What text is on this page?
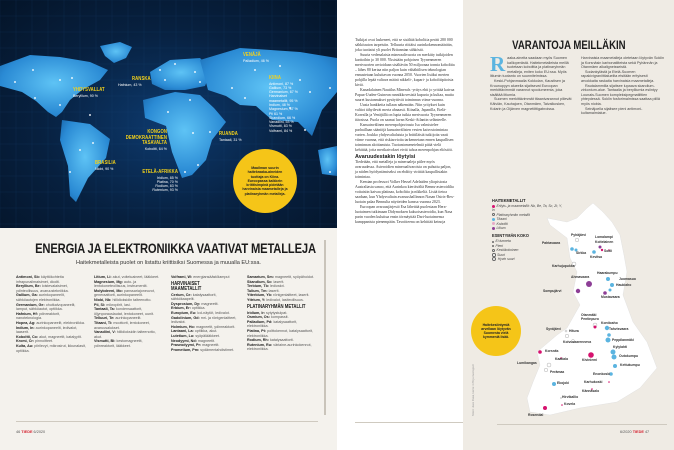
VENÄJÄ
Palladium, 46 %
KIINA
Antimoni, 87 %
Gallium, 73 %
Germanium, 67 %
Harvinaiset
maametallit, 95 %
Indium, 48 %
Magnesium, 87 %
Pii 61 %
Skandium, 66 %
Vanadiini, 53 %
Vismutti, 83 %
Volframi, 84 %
RANSKA
Hafnium, 43 %
YHDYSVALLAT
Beryllium, 90 %
KONGON DEMOKRAATTINEN TASAVALTA
Koboltti, 64 %
RUANDA
Tantaali, 31 %
BRASILIA
Niobi, 90 %
ETELÄ-AFRIKKA
Iridium, 85 %
Platina, 70 %
Rodium, 83 %
Rutenium, 93 %
Maailman suurin haitekraaka-aineiden tuottaja on Kiina. Euroopassa kaikkein kriittisimpinä pidetään harvinaisia maametalleja ja platinaryhmän metalleja.
ENERGIA JA ELEKTRONIIKKA VAATIVAT METALLEJA
Haitekmetalleista puolet on listattu kriittisiksi Suomessa ja muualla EU:ssa.

Antimoni, Sb: käyttökohteita infrapunailmaisimet, diodit.

Beryllium, Be: loistevalaisimet, ydinteollisuus, avaruustekniikka.

Gallium, Ga: aurinkopaneelit, sähköautojen elektroniikka.

Germanium, Ge: ohutkalvopaneelit, lamput, sähköautot, optiikka.

Hafnium, Hf: ydinreaktorit, nanoteknologia.

Hopea, Ag: aurinkopaneelit, elektroniikka.

Indium, In: aurinkopaneelit, ledivalot, laaserit.

Koboltti, Co: akut, magneetit, katalyytit.

Kromi, Cr: pinnoitteet.

Kulta, Au: piirilevyt, mikrosirut, ikkunalasit, optiikka.

Litium, Li: akut, voiteluaineet, lääkkeet.

Magnesium, Mg: auto- ja lentokoneteollisuus, instrumentit.

Molybdeeni, Mo: panssariajoneuvot, generaattorit, aurinkopaneelit.

Niobi, Nb: hiilidioksidin talteenotto.

Pii, Si: mikropiirit, lasi.

Tantaali, Ta: kondensaattorit, öljynporauslautat, lentokoneet, uunit.

Telluuri, Te: aurinkopaneelit.

Titaani, Ti: moottorit, lentokoneet, avaruusalukset.

Vanadiini, V: hiilidioksidin talteenotto, akut.

Vismutti, Bi: kestomagneetit, ydinreaktorit, lääkkeet.

Volframi, W: energiansäästölamput

HARVINAISET MAAMETALLIT

Cerium, Ce: katalysaattorit, sähkökaapelit.

Dysprosium, Dy: magneetit.

Erbium, Er: optiikka.

Europium, Eu: lcd-näytöt, ledivalot.

Gadolinium, Gd: mri- ja röntgenlaitteet, ledivalot.

Holmium, Ho: magneetit, ydinreaktorit.

Lantaani, La: optiikka, akut.

Lutetium, Lu: syöpälääkkeet.

Neodyymi, Nd: magneetit.

Praseodyymi, Pr: magneetit.

Prometium, Pm: sydämentahdistimet.

Samarium, Sm: magneetit, syöpähoidot.

Skandium, Sc: laserit.

Terbium, Tb: ledivalot.

Tulium, Tm: laserit.

Ytterbium, Yb: röntgenlaitteet, laserit.

Yttrium, Y: ledivalot, lasiteollisuus.

PLATINARYHMÄN METALLIT

Iridium, Ir: sytytystulpat.

Osmium, Os: kompassit.

Palladium, Pd: katalysaattorit, elektroniikka.

Platina, Pt: polttokennot, katalysaattorit, elektroniikka.

Rodium, Rh: katalysaattorit.

Rutenium, Ru: väriaine-aurinkokennot, elektroniikka.

46 TIEDE 6/2020

Tutkijat ovat laskeneet, että se sisältää kobolttia peräti 280 000 sähköauton tarpeisiin. Telluuria riittäisi aurinkokennomäärään, joka tuottaisi yli puolet Britannian sähköstä.

Suuria vedenalaisia mineraalivuoria on merkitty tutkijoiden karttoihin jo 30 000. Yksistään pohjoisen Tyynenmeren merivuorten arvioidaan sisältävän 50 miljoonaa tonnia kobolttia – lähes 80 kertaa niin paljon kuin vähähiilisen teknologian ennustetaan kuluttavan vuonna 2050. Vuorten lisäksi merten pohjilla lepää valtava määrä nikkeli-, kupari- ja kobolttipitoisia kiviä.

Kanadalainen Nautilus Minerals -yritys ehti jo yrittää kaivaa Papua-Uuden-Guinean rannikkovesistä kuparia ja kultaa, mutta suuret kustannukset pysäyttivät toiminnan viime vuonna.

Uusia hankkeita tullaan näkemään. Niin yritykset kuin valtiot tähyilevät merta ahnaasti. Kiinalla, Japanilla, Etelä-Korealla ja Venäjällä on lupia tutkia merivuoria Tyynenmeren itäosissa. Puola on saanut luvan Keski-Atlantin selänteelle.

Kansainvälinen merenpohjavirasto Isa valmistelee parhaillaan sääntöjä kansainvälisten vesien kaivostoimintaa varten. Joukko yhdysvaltalaisia ja brittiläisiä tutkijoita vaati viime vuonna, että riskiarvioita tarkennetaan ennen kaupallisen toiminnan aloittamista. Tuotantomenetelmiä pitää vielä kehittää, jotta merikaivokset eivät tuhoa merenpohjan eliöstöä.

Avaruudestakin löytyisi

Tiedetään, että metalleja ja mineraaleja piilee myös avaruudessa. Asteroidien mineraalivaroista on puhuttu paljon, ja niiden hyödyntämiseksi on ehditty virittää kaupallistakin toimintaa.

Kemian professori Volker Hessel Adelaiden yliopistosta Australiasta sanoo, että Aurinkoa kiertävältä Bennu-asteroidilta voitaisiin kaivaa platinaa, kobolttia ja nikkeliä. Lisää tietoa saadaan, kun Yhdysvaltain avaruushallinnon Nasan Osiris-Rex-luotain palaa Bennulta näytteiden kanssa vuonna 2023.

Euroopan avaruusjärjestö Esa lähettää puolestaan Hera-luotaimen tutkimaan Didymoksen kaksoisasteroidia, kun Nasa parin vuoden kuluttua ensin törmäyttää Dart-luotaimensa kumppanista pienempään. Tavoitteena on kehittää keinoja

Teksti: Jussi Paasi, kartta: GTK ja Geologia.fi
VARANTOJA MEILLÄKIN
Raaka-aineita saadaan myös Suomen kallioperästä. Haitekmetalleista meillä tuotetaan kobolttia ja platinaryhmän metalleja, eniten koko EU:ssa. Myös litiumin tuotanto on suunnitelmissa.

Keski-Pohjanmaalla Kokkolan, Kaustisen ja Kruunupyyn alueella sijaitsevat Euroopan merkittävimmät varannot spodumeenia, joka sisältää litiumia.

Suomen merkittävimmät titaanivarannot piilevät Kälviän, Kauhajoen, Otanmäen, Taivalkosken, Kolarin ja Oijärven magnetiittigabroissa.

Harvinaisia maametalleja oletetaan löytyvän Soklin ja Korsnäsin karbonatiiteista sekä Pyhännän ja Otanmäen alkaligneisseistä.

Sodankylästä ja Etelä-Suomen rapakivigraniittialueilta etsitään erityisesti arvokkaita raskaita harvinaisia maametalleja.

Rautalammilla sijaitsee lupaava skandium-zirkonium-alue. Tantaalia ja berylliumia esiintyy Lounais-Suomen kompleksipegmatiittien yhteydessä. Soklin fosforimalmissa saattaa piillä myös niobia.

Seinäjoella sijaitsee pieni antimoni-kultamalmialue.

HAITEKMETALLIT
Erityis- ja maametallit: Nb, Be, Ta, Sc, Zr, Y, ln
Platinaryhmän metallit
Titaani
Koboltti
Litium
ESIINTYMÄN KOKO
Ei tunneta
Pieni
Keskikokoinen
Suuri
Hyvin suuri
Haitekesiintymiä arvellaan löytyvän Suomesta vielä kymmeniä lisää.
Pyhäjärvi	Lomalampi
Koitelainen
Pahtavaara
Sokli
Sirkka
Kevitsa
Karhujupukka
Haarakumpu
Ahmavaara	Juomasuo
Haukiaho
Sompujärvi
Mustavaara
Otanmäki
Pentinpuro
Kontioaho
Syväjärvi Hitura	Tahvisvaara
Koivusaarenneva	Peppilanmäki
Kylylahti
Korsnäs
Outokumpu
Kaatiala	Kiviniemi
Lumikangas	Kettukumpu
Perämaa	Enonkoski
Ekojoki	Karhukoski
Kännäsalo
Hirvikallio
Kovela
Rosendal
6/2020 TIEDE 47
